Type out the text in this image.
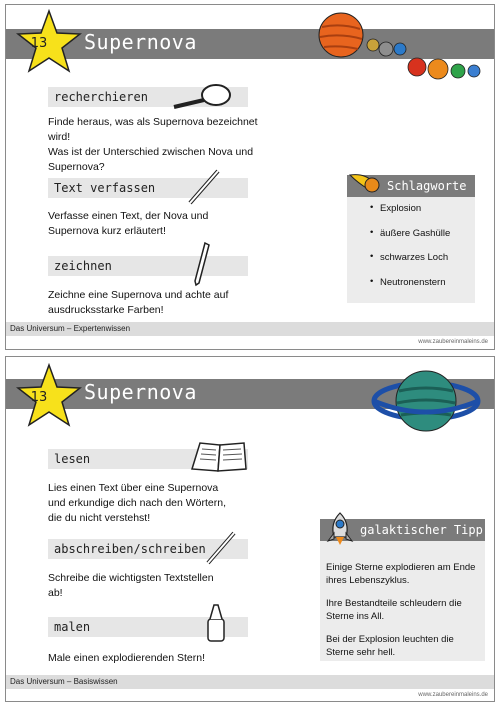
Supernova
13
recherchieren
Finde heraus, was als Supernova bezeichnet
wird!
Was ist der Unterschied zwischen Nova und
Supernova?
Text verfassen
Verfasse einen Text, der Nova und
Supernova kurz erläutert!
zeichnen
Zeichne eine Supernova und achte auf
ausdrucksstarke Farben!
Schlagworte
• Explosion
• äußere Gashülle
• schwarzes Loch
• Neutronenstern
Das Universum – Expertenwissen
www.zaubereinmaleins.de
Supernova
13
lesen
Lies einen Text über eine Supernova
und erkundige dich nach den Wörtern,
die du nicht verstehst!
abschreiben/schreiben
Schreibe die wichtigsten Textstellen
ab!
malen
Male einen explodierenden Stern!
galaktischer Tipp
Einige Sterne explodieren am Ende
ihres Lebenszyklus.
Ihre Bestandteile schleudern die
Sterne ins All.
Bei der Explosion leuchten die
Sterne sehr hell.
Das Universum – Basiswissen
www.zaubereinmaleins.de
